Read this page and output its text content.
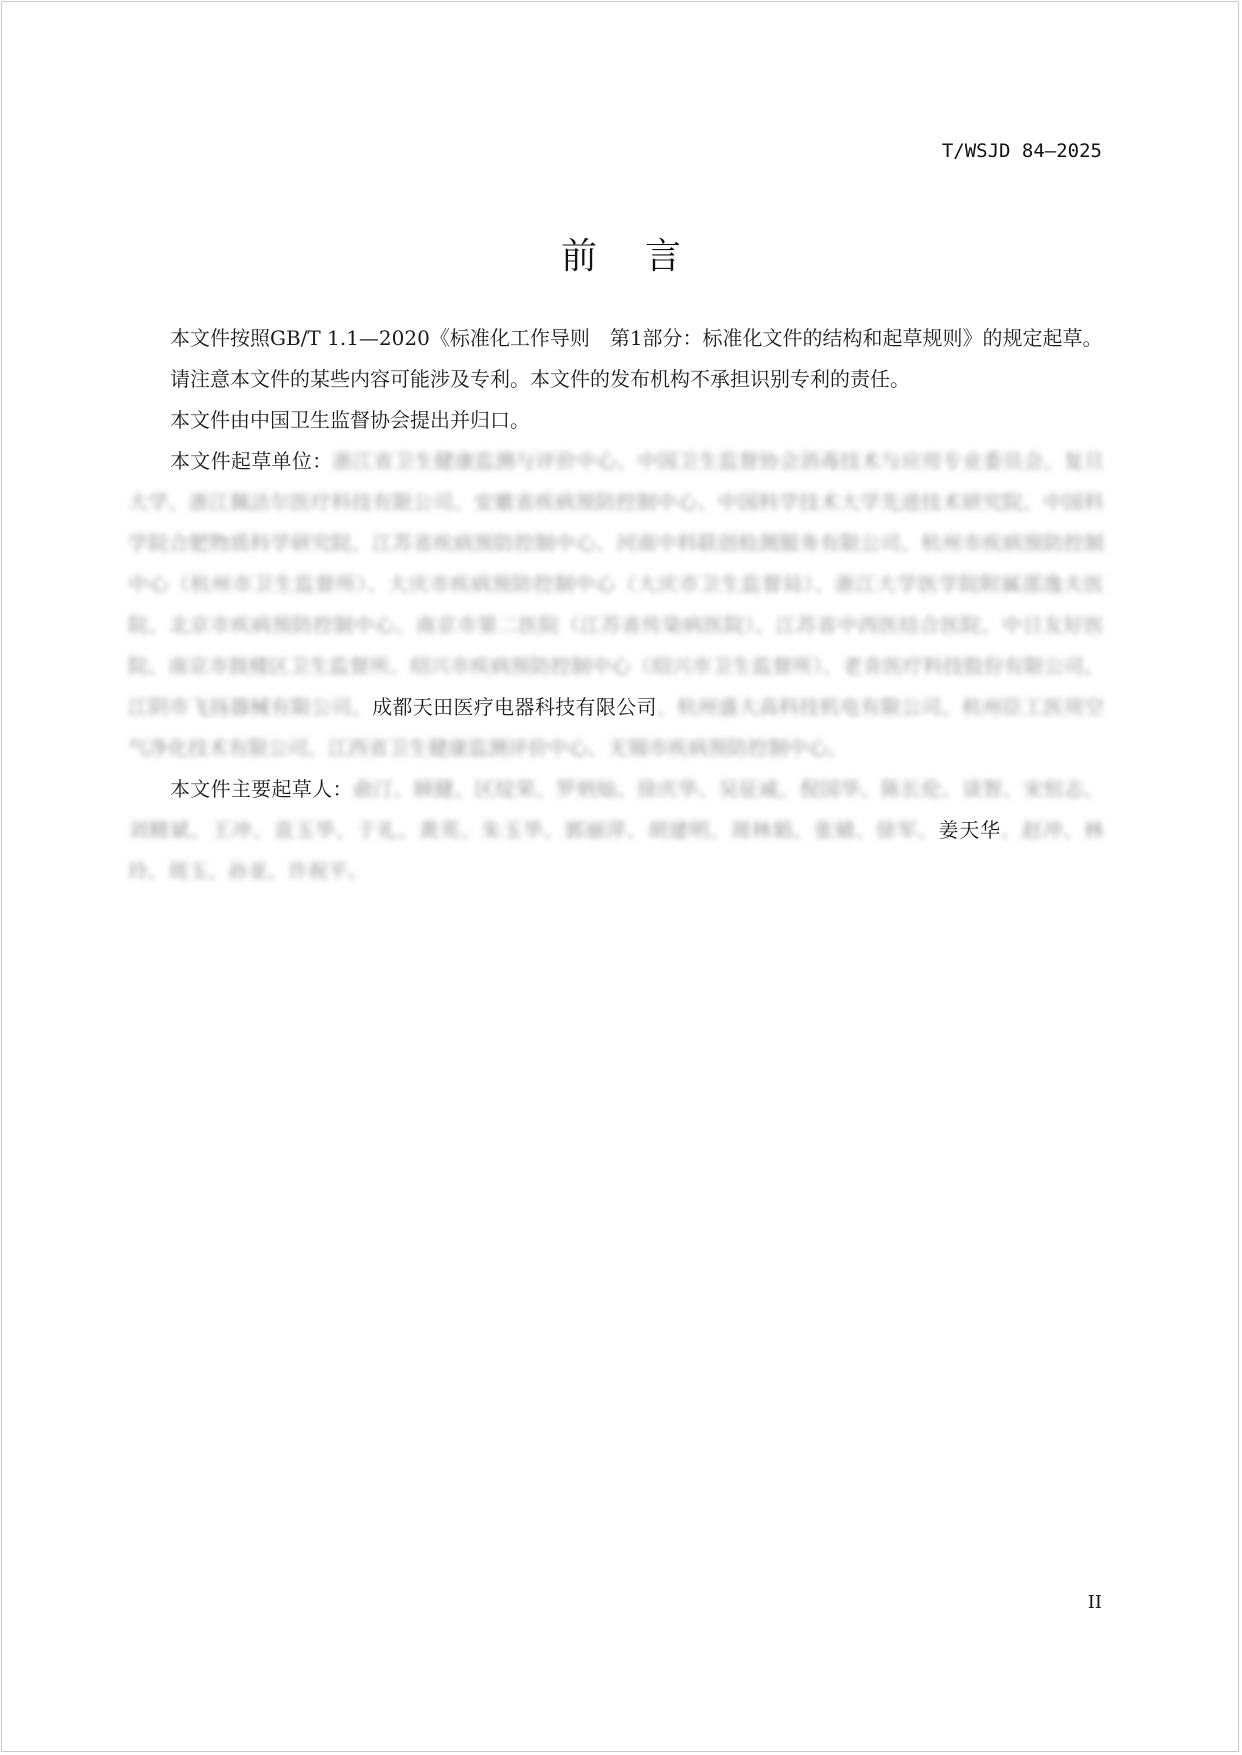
T/WSJD 84—2025
前言

本文件按照GB/T 1.1—2020《标准化工作导则　第1部分：标准化文件的结构和起草规则》的规定起草。

请注意本文件的某些内容可能涉及专利。本文件的发布机构不承担识别专利的责任。

本文件由中国卫生监督协会提出并归口。

本文件起草单位：浙江省卫生健康监测与评价中心、中国卫生监督协会消毒技术与应用专业委员会、复旦大学、浙江佩洁尔医疗科技有限公司、安徽省疾病预防控制中心、中国科学技术大学先进技术研究院、中国科学院合肥物质科学研究院、江苏省疾病预防控制中心、河南中科联创检测服务有限公司、杭州市疾病预防控制中心（杭州市卫生监督所）、大庆市疾病预防控制中心（大庆市卫生监督局）、浙江大学医学院附属邵逸夫医院、北京市疾病预防控制中心、南京市第二医院（江苏省传染病医院）、江苏省中西医结合医院、中日友好医院、南京市鼓楼区卫生监督所、绍兴市疾病预防控制中心（绍兴市卫生监督所）、老肯医疗科技股份有限公司、江阴市飞扬器械有限公司、成都天田医疗电器科技有限公司、杭州盛大高科技机电有限公司、杭州臣工医用空气净化技术有限公司、江西省卫生健康监测评价中心、无锡市疾病预防控制中心。

本文件主要起草人：俞汀、顾健、区绽荣、罗炳灿、徐庆华、吴征威、倪国华、陈长伦、谈智、宋恒志、刘精斌、王冲、袁玉华、于礼、黄英、朱玉华、郭丽萍、胡建明、周林娟、张婧、徐军、姜天华、赵冲、林玲、周玉、孙亚、许祝平。

II
